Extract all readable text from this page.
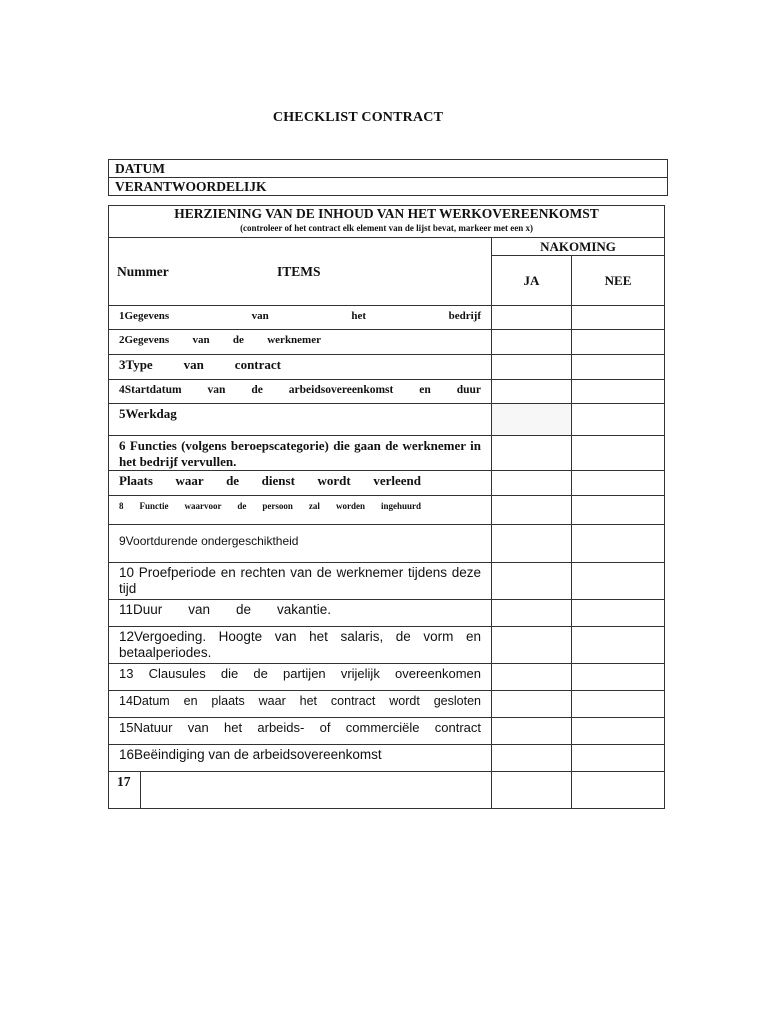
CHECKLIST CONTRACT
DATUM
VERANTWOORDELIJK
HERZIENING VAN DE INHOUD VAN HET WERKOVEREENKOMST
(controleer of het contract elk element van de lijst bevat, markeer met een x)			

Nummer ITEMS		NAKOMING	
		JA	NEE
1Gegevens van het bedrijf			
2Gegevens van de werknemer			
3Type van contract			
4Startdatum van de arbeidsovereenkomst en duur			
5Werkdag			
6 Functies (volgens beroepscategorie) die gaan de werknemer in het bedrijf vervullen.			
Plaats waar de dienst wordt verleend			
8 Functie waarvoor de persoon zal worden ingehuurd			
9Voortdurende ondergeschiktheid			
10 Proefperiode en rechten van de werknemer tijdens deze tijd			
11Duur van de vakantie.			
12Vergoeding. Hoogte van het salaris, de vorm en betaalperiodes.			
13 Clausules die de partijen vrijelijk overeenkomen			
14Datum en plaats waar het contract wordt gesloten			
15Natuur van het arbeids- of commerciële contract			
16Beëindiging van de arbeidsovereenkomst			
17			
